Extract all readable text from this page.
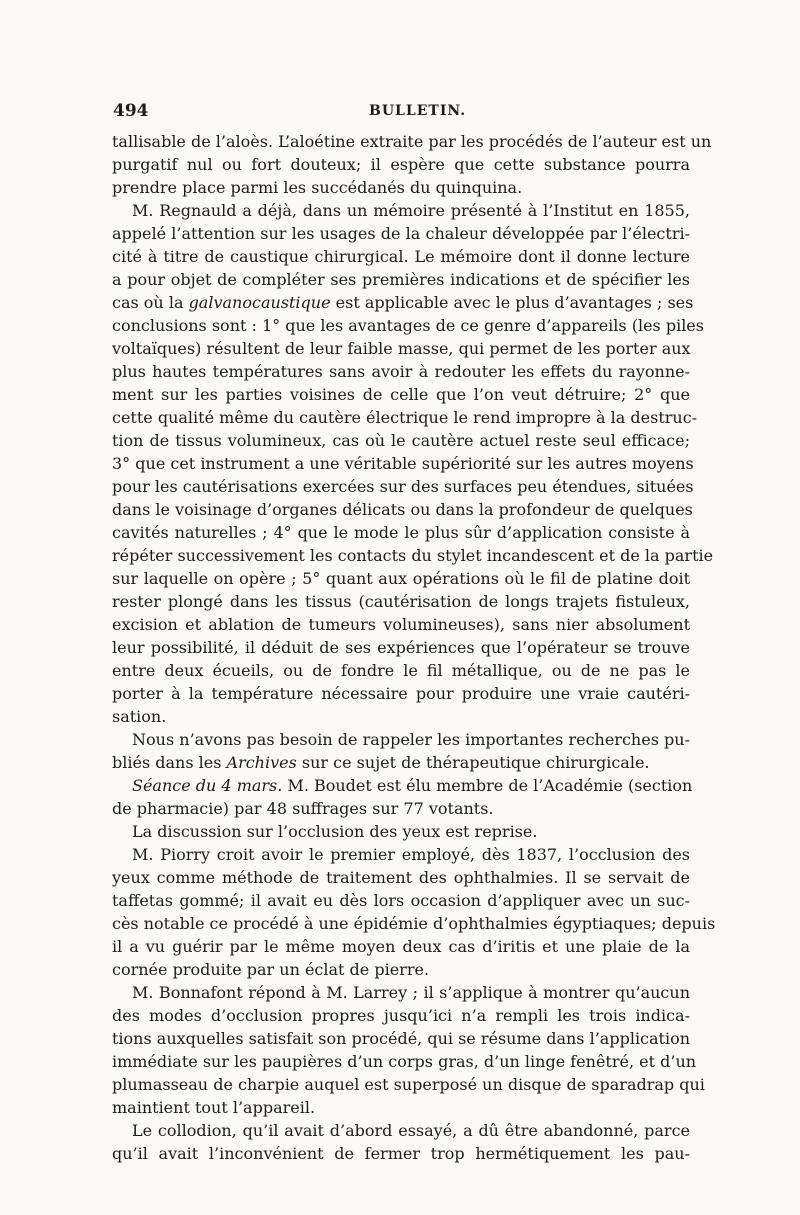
494	BULLETIN.
tallisable de l’aloès. L’aloétine extraite par les procédés de l’auteur est un
purgatif nul ou fort douteux; il espère que cette substance pourra
prendre place parmi les succédanés du quinquina.
M. Regnauld a déjà, dans un mémoire présenté à l’Institut en 1855,
appelé l’attention sur les usages de la chaleur développée par l’électri-
cité à titre de caustique chirurgical. Le mémoire dont il donne lecture
a pour objet de compléter ses premières indications et de spécifier les
cas où la galvanocaustique est applicable avec le plus d’avantages ; ses
conclusions sont : 1° que les avantages de ce genre d’appareils (les piles
voltaïques) résultent de leur faible masse, qui permet de les porter aux
plus hautes températures sans avoir à redouter les effets du rayonne-
ment sur les parties voisines de celle que l’on veut détruire; 2° que
cette qualité même du cautère électrique le rend impropre à la destruc-
tion de tissus volumineux, cas où le cautère actuel reste seul efficace;
3° que cet instrument a une véritable supériorité sur les autres moyens
pour les cautérisations exercées sur des surfaces peu étendues, situées
dans le voisinage d’organes délicats ou dans la profondeur de quelques
cavités naturelles ; 4° que le mode le plus sûr d’application consiste à
répéter successivement les contacts du stylet incandescent et de la partie
sur laquelle on opère ; 5° quant aux opérations où le fil de platine doit
rester plongé dans les tissus (cautérisation de longs trajets fistuleux,
excision et ablation de tumeurs volumineuses), sans nier absolument
leur possibilité, il déduit de ses expériences que l’opérateur se trouve
entre deux écueils, ou de fondre le fil métallique, ou de ne pas le
porter à la température nécessaire pour produire une vraie cautéri-
sation.
Nous n’avons pas besoin de rappeler les importantes recherches pu-
bliés dans les Archives sur ce sujet de thérapeutique chirurgicale.
Séance du 4 mars. M. Boudet est élu membre de l’Académie (section
de pharmacie) par 48 suffrages sur 77 votants.
La discussion sur l’occlusion des yeux est reprise.
M. Piorry croit avoir le premier employé, dès 1837, l’occlusion des
yeux comme méthode de traitement des ophthalmies. Il se servait de
taffetas gommé; il avait eu dès lors occasion d’appliquer avec un suc-
cès notable ce procédé à une épidémie d’ophthalmies égyptiaques; depuis
il a vu guérir par le même moyen deux cas d’iritis et une plaie de la
cornée produite par un éclat de pierre.
M. Bonnafont répond à M. Larrey ; il s’applique à montrer qu’aucun
des modes d’occlusion propres jusqu’ici n’a rempli les trois indica-
tions auxquelles satisfait son procédé, qui se résume dans l’application
immédiate sur les paupières d’un corps gras, d’un linge fenêtré, et d’un
plumasseau de charpie auquel est superposé un disque de sparadrap qui
maintient tout l’appareil.
Le collodion, qu’il avait d’abord essayé, a dû être abandonné, parce
qu’il avait l’inconvénient de fermer trop hermétiquement les pau-
